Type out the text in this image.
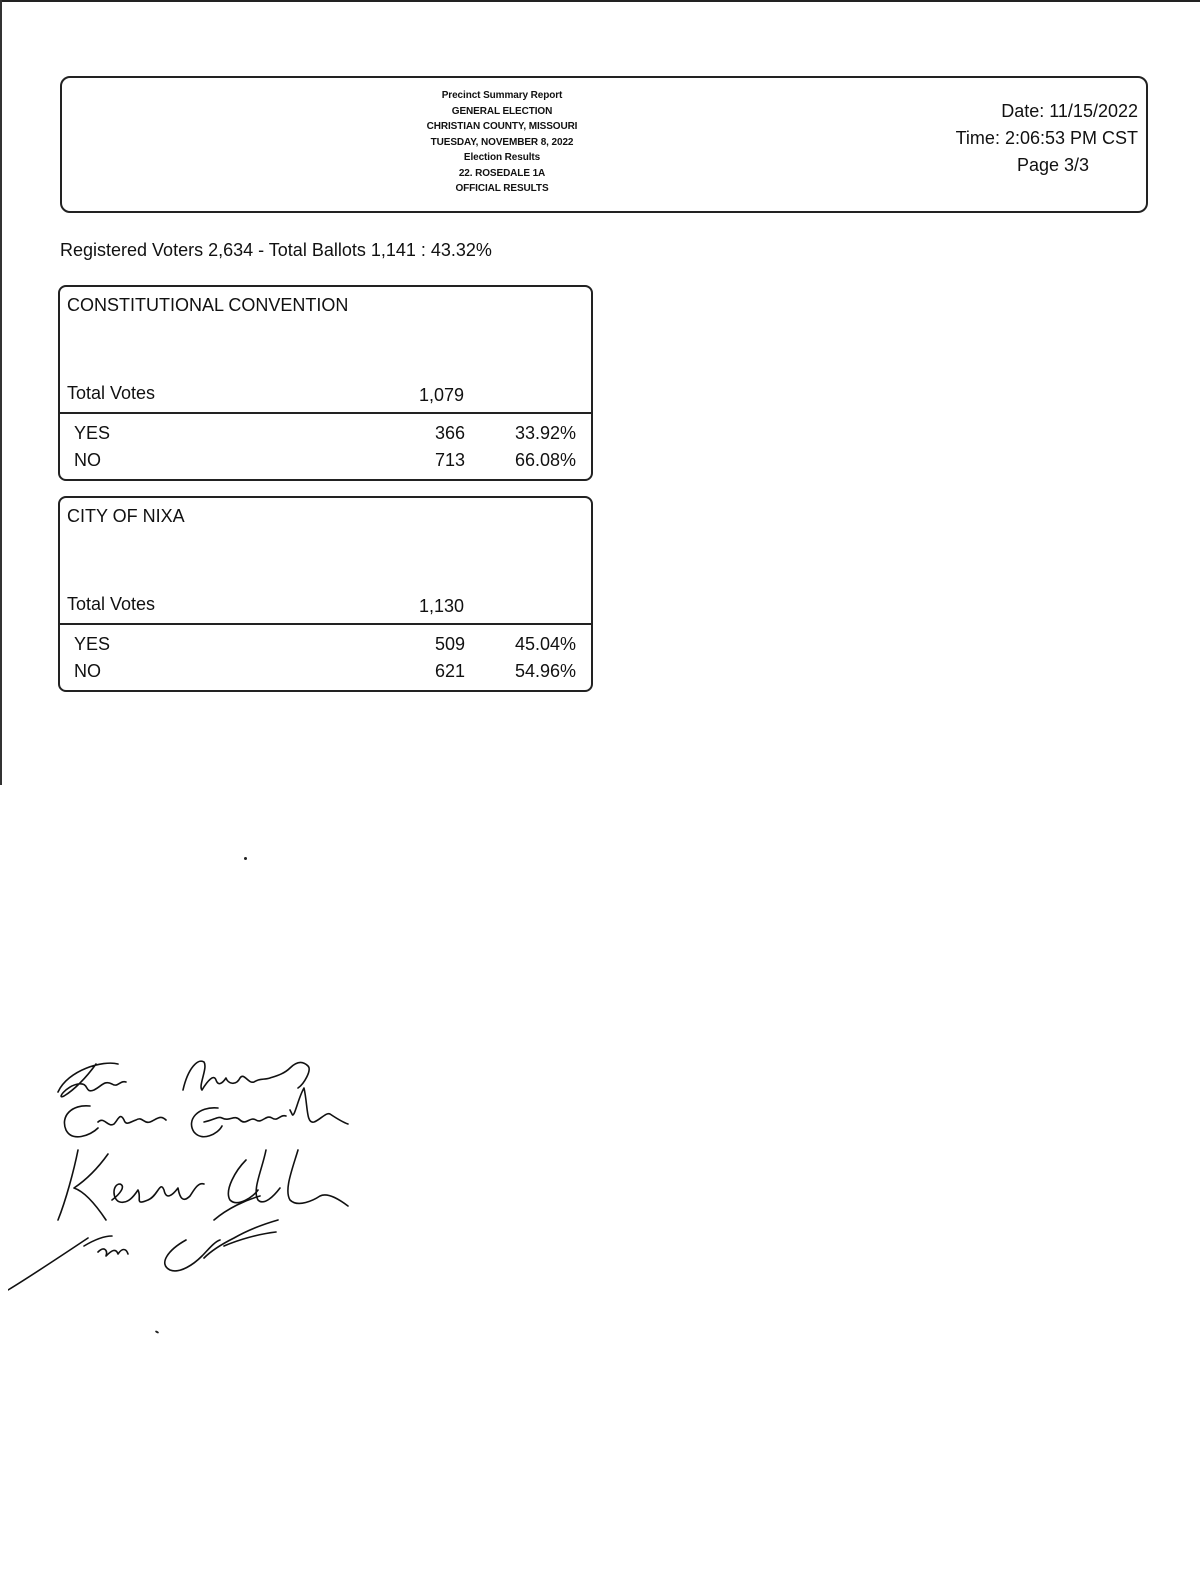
Precinct Summary Report
GENERAL ELECTION
CHRISTIAN COUNTY, MISSOURI
TUESDAY, NOVEMBER 8, 2022
Election Results
22. ROSEDALE 1A
OFFICIAL RESULTS
Date: 11/15/2022
Time: 2:06:53 PM CST
Page 3/3
Registered Voters 2,634 - Total Ballots 1,141 : 43.32%
CONSTITUTIONAL CONVENTION
Total Votes	1,079
YES	366	33.92%
NO	713	66.08%
CITY OF NIXA
Total Votes	1,130
YES	509	45.04%
NO	621	54.96%
